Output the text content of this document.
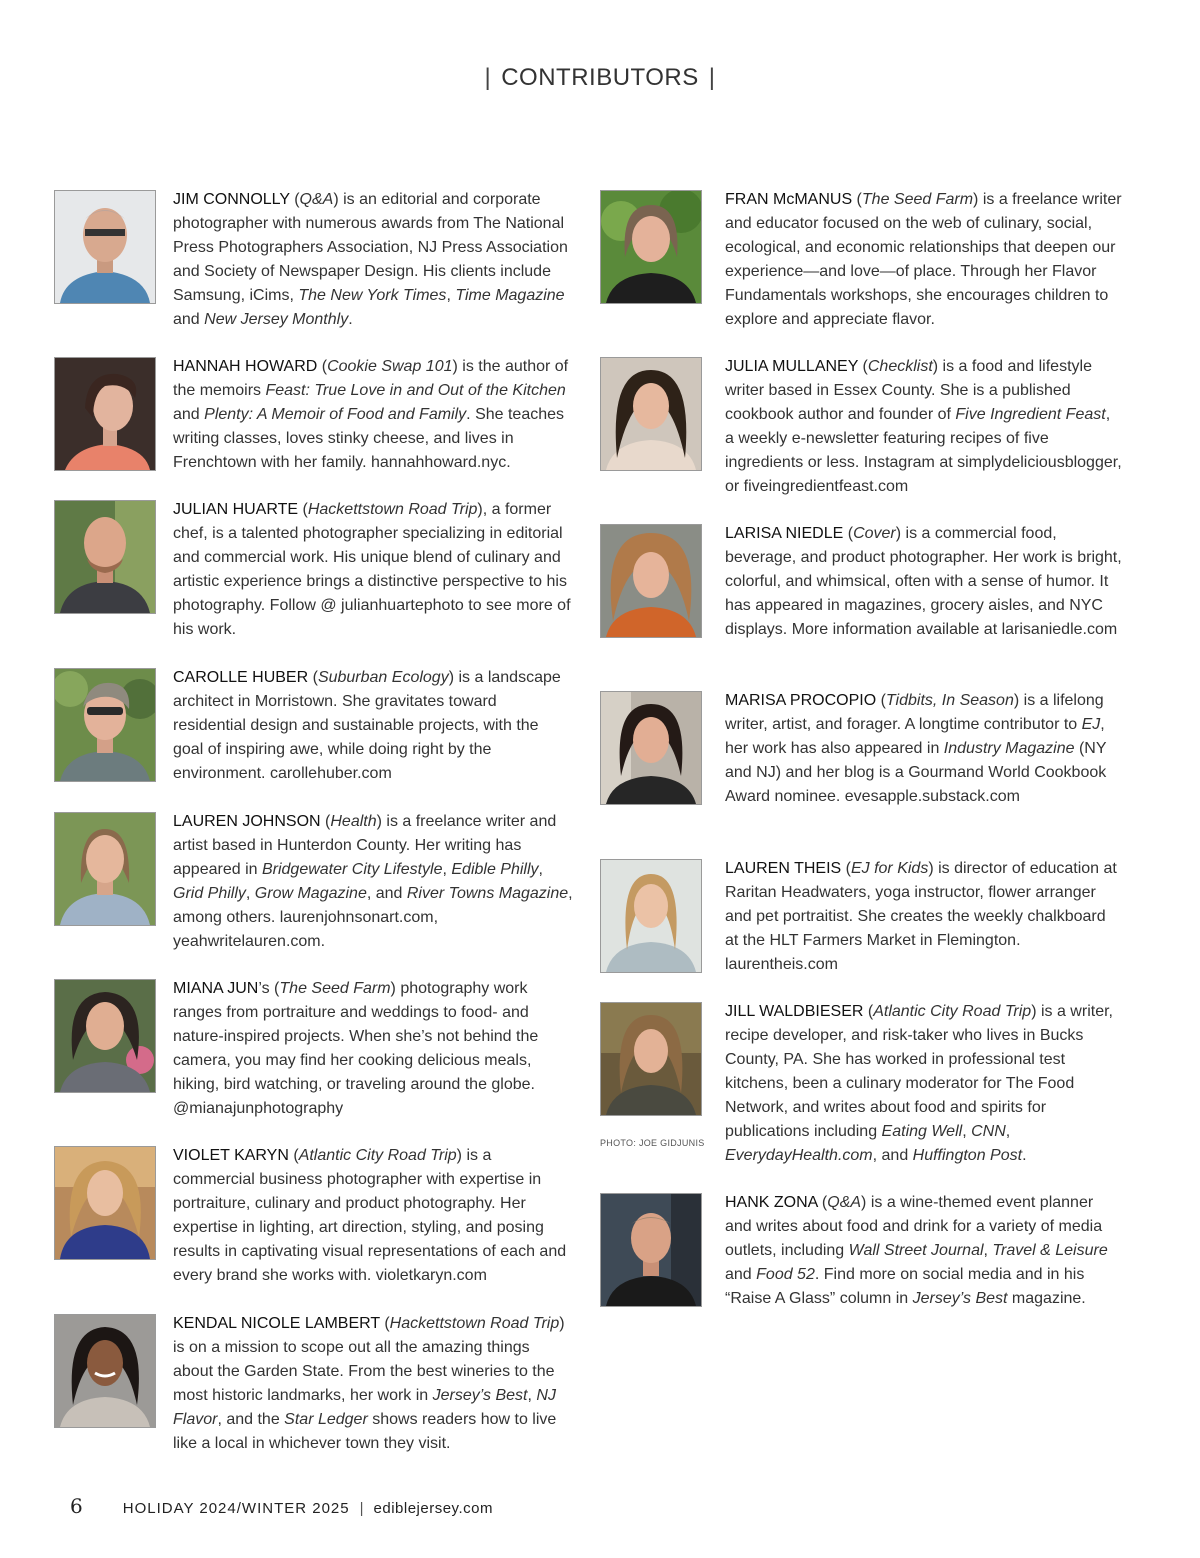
| CONTRIBUTORS |
JIM CONNOLLY (Q&A) is an editorial and corporate photographer with numerous awards from The National Press Photographers Association, NJ Press Association and Society of Newspaper Design. His clients include Samsung, iCims, The New York Times, Time Magazine and New Jersey Monthly.
HANNAH HOWARD (Cookie Swap 101) is the author of the memoirs Feast: True Love in and Out of the Kitchen and Plenty: A Memoir of Food and Family. She teaches writing classes, loves stinky cheese, and lives in Frenchtown with her family. hannahhoward.nyc.
JULIAN HUARTE (Hackettstown Road Trip), a former chef, is a talented photographer specializing in editorial and commercial work. His unique blend of culinary and artistic experience brings a distinctive perspective to his photography. Follow @ julianhuartephoto to see more of his work.
CAROLLE HUBER (Suburban Ecology) is a landscape architect in Morristown. She gravitates toward residential design and sustainable projects, with the goal of inspiring awe, while doing right by the environment. carollehuber.com
LAUREN JOHNSON (Health) is a freelance writer and artist based in Hunterdon County. Her writing has appeared in Bridgewater City Lifestyle, Edible Philly, Grid Philly, Grow Magazine, and River Towns Magazine, among others. laurenjohnsonart.com, yeahwritelauren.com.
MIANA JUN’s (The Seed Farm) photography work ranges from portraiture and weddings to food- and nature-inspired projects. When she’s not behind the camera, you may find her cooking delicious meals, hiking, bird watching, or traveling around the globe. @mianajunphotography
VIOLET KARYN (Atlantic City Road Trip) is a commercial business photographer with expertise in portraiture, culinary and product photography. Her expertise in lighting, art direction, styling, and posing results in captivating visual representations of each and every brand she works with. violetkaryn.com
KENDAL NICOLE LAMBERT (Hackettstown Road Trip) is on a mission to scope out all the amazing things about the Garden State. From the best wineries to the most historic landmarks, her work in Jersey’s Best, NJ Flavor, and the Star Ledger shows readers how to live like a local in whichever town they visit.
FRAN McMANUS (The Seed Farm) is a freelance writer and educator focused on the web of culinary, social, ecological, and economic relationships that deepen our experience—and love—of place. Through her Flavor Fundamentals workshops, she encourages children to explore and appreciate flavor.
JULIA MULLANEY (Checklist) is a food and lifestyle writer based in Essex County. She is a published cookbook author and founder of Five Ingredient Feast, a weekly e-newsletter featuring recipes of five ingredients or less. Instagram at simplydeliciousblogger, or fiveingredientfeast.com
LARISA NIEDLE (Cover) is a commercial food, beverage, and product photographer. Her work is bright, colorful, and whimsical, often with a sense of humor. It has appeared in magazines, grocery aisles, and NYC displays. More information available at larisaniedle.com
MARISA PROCOPIO (Tidbits, In Season) is a lifelong writer, artist, and forager. A longtime contributor to EJ, her work has also appeared in Industry Magazine (NY and NJ) and her blog is a Gourmand World Cookbook Award nominee. evesapple.substack.com
LAUREN THEIS (EJ for Kids) is director of education at Raritan Headwaters, yoga instructor, flower arranger and pet portraitist. She creates the weekly chalkboard at the HLT Farmers Market in Flemington. laurentheis.com
JILL WALDBIESER (Atlantic City Road Trip) is a writer, recipe developer, and risk-taker who lives in Bucks County, PA. She has worked in professional test kitchens, been a culinary moderator for The Food Network, and writes about food and spirits for publications including Eating Well, CNN, EverydayHealth.com, and Huffington Post.
PHOTO: JOE GIDJUNIS
HANK ZONA (Q&A) is a wine-themed event planner and writes about food and drink for a variety of media outlets, including Wall Street Journal, Travel & Leisure and Food 52. Find more on social media and in his “Raise A Glass” column in Jersey’s Best magazine.
6	HOLIDAY 2024/WINTER 2025 | ediblejersey.com
